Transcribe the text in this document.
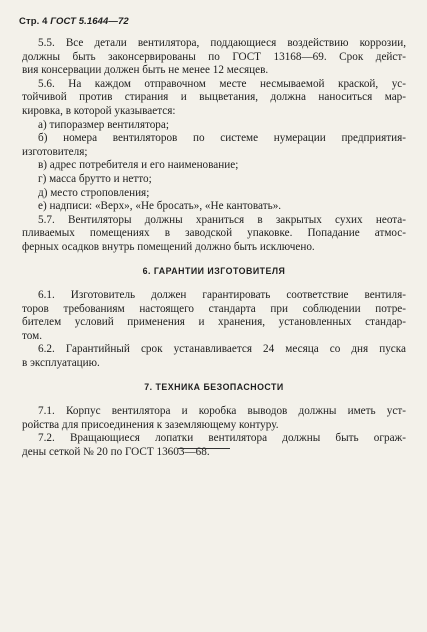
Стр. 4 ГОСТ 5.1644—72
5.5. Все детали вентилятора, поддающиеся воздействию коррозии,
должны быть законсервированы по ГОСТ 13168—69. Срок дейст-
вия консервации должен быть не менее 12 месяцев.
5.6. На каждом отправочном месте несмываемой краской, ус-
тойчивой против стирания и выцветания, должна наноситься мар-
кировка, в которой указывается:
а) типоразмер вентилятора;
б) номера вентиляторов по системе нумерации предприятия-
изготовителя;
в) адрес потребителя и его наименование;
г) масса брутто и нетто;
д) место строповления;
е) надписи: «Верх», «Не бросать», «Не кантовать».
5.7. Вентиляторы должны храниться в закрытых сухих неота-
пливаемых помещениях в заводской упаковке. Попадание атмос-
ферных осадков внутрь помещений должно быть исключено.
6. ГАРАНТИИ ИЗГОТОВИТЕЛЯ
6.1. Изготовитель должен гарантировать соответствие вентиля-
торов требованиям настоящего стандарта при соблюдении потре-
бителем условий применения и хранения, установленных стандар-
том.
6.2. Гарантийный срок устанавливается 24 месяца со дня пуска
в эксплуатацию.
7. ТЕХНИКА БЕЗОПАСНОСТИ
7.1. Корпус вентилятора и коробка выводов должны иметь уст-
ройства для присоединения к заземляющему контуру.
7.2. Вращающиеся лопатки вентилятора должны быть ограж-
дены сеткой № 20 по ГОСТ 13603—68.
